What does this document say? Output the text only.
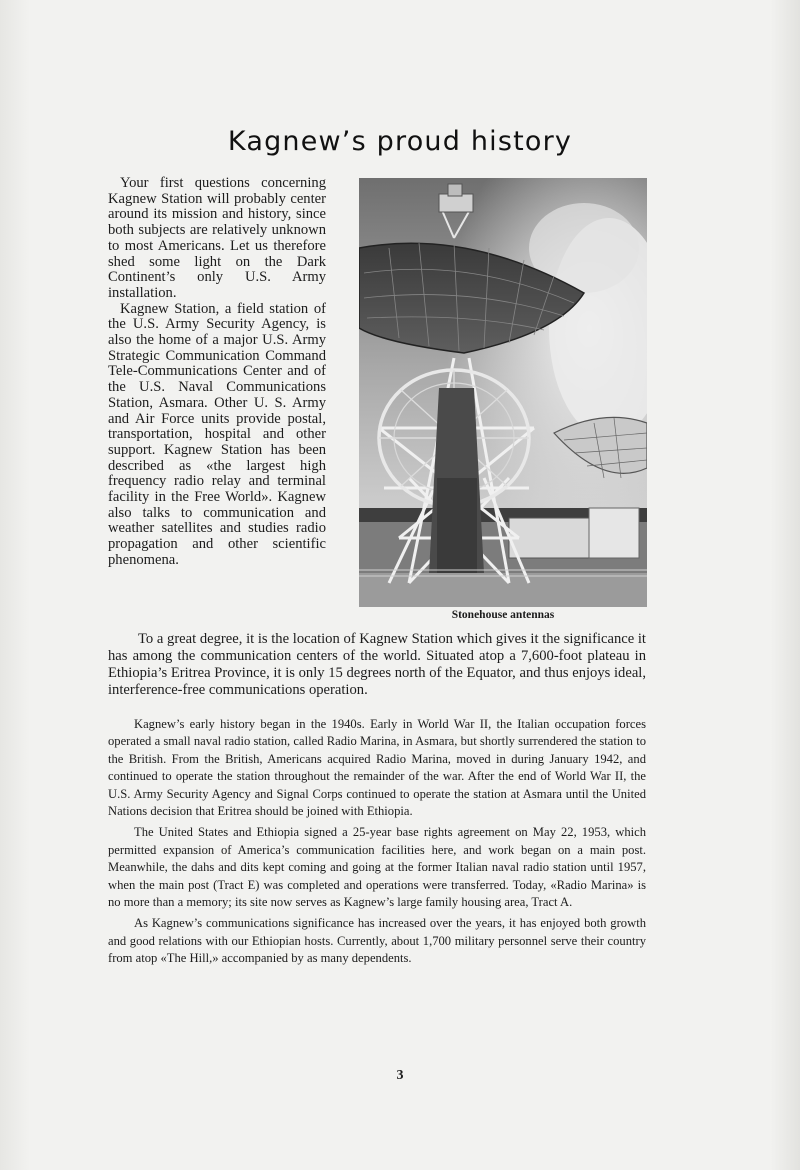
Kagnew’s proud history

Your first questions concerning Kagnew Station will probably center around its mission and history, since both subjects are relatively unknown to most Americans. Let us therefore shed some light on the Dark Continent’s only U.S. Army installation.

Kagnew Station, a field station of the U.S. Army Security Agency, is also the home of a major U.S. Army Strategic Communication Command Tele-Communications Center and of the U.S. Naval Communications Station, Asmara. Other U. S. Army and Air Force units provide postal, transportation, hospital and other support. Kagnew Station has been described as «the largest high frequency radio relay and terminal facility in the Free World». Kagnew also talks to communication and weather satellites and studies radio propagation and other scientific phenomena.

Stonehouse antennas

To a great degree, it is the location of Kagnew Station which gives it the significance it has among the communication centers of the world. Situated atop a 7,600-foot plateau in Ethiopia’s Eritrea Province, it is only 15 degrees north of the Equator, and thus enjoys ideal, interference-free communications operation.

Kagnew’s early history began in the 1940s. Early in World War II, the Italian occupation forces operated a small naval radio station, called Radio Marina, in Asmara, but shortly surrendered the station to the British. From the British, Americans acquired Radio Marina, moved in during January 1942, and continued to operate the station throughout the remainder of the war. After the end of World War II, the U.S. Army Security Agency and Signal Corps continued to operate the station at Asmara until the United Nations decision that Eritrea should be joined with Ethiopia.

The United States and Ethiopia signed a 25-year base rights agreement on May 22, 1953, which permitted expansion of America’s communication facilities here, and work began on a main post. Meanwhile, the dahs and dits kept coming and going at the former Italian naval radio station until 1957, when the main post (Tract E) was completed and operations were transferred. Today, «Radio Marina» is no more than a memory; its site now serves as Kagnew’s large family housing area, Tract A.

As Kagnew’s communications significance has increased over the years, it has enjoyed both growth and good relations with our Ethiopian hosts. Currently, about 1,700 military personnel serve their country from atop «The Hill,» accompanied by as many dependents.

3
